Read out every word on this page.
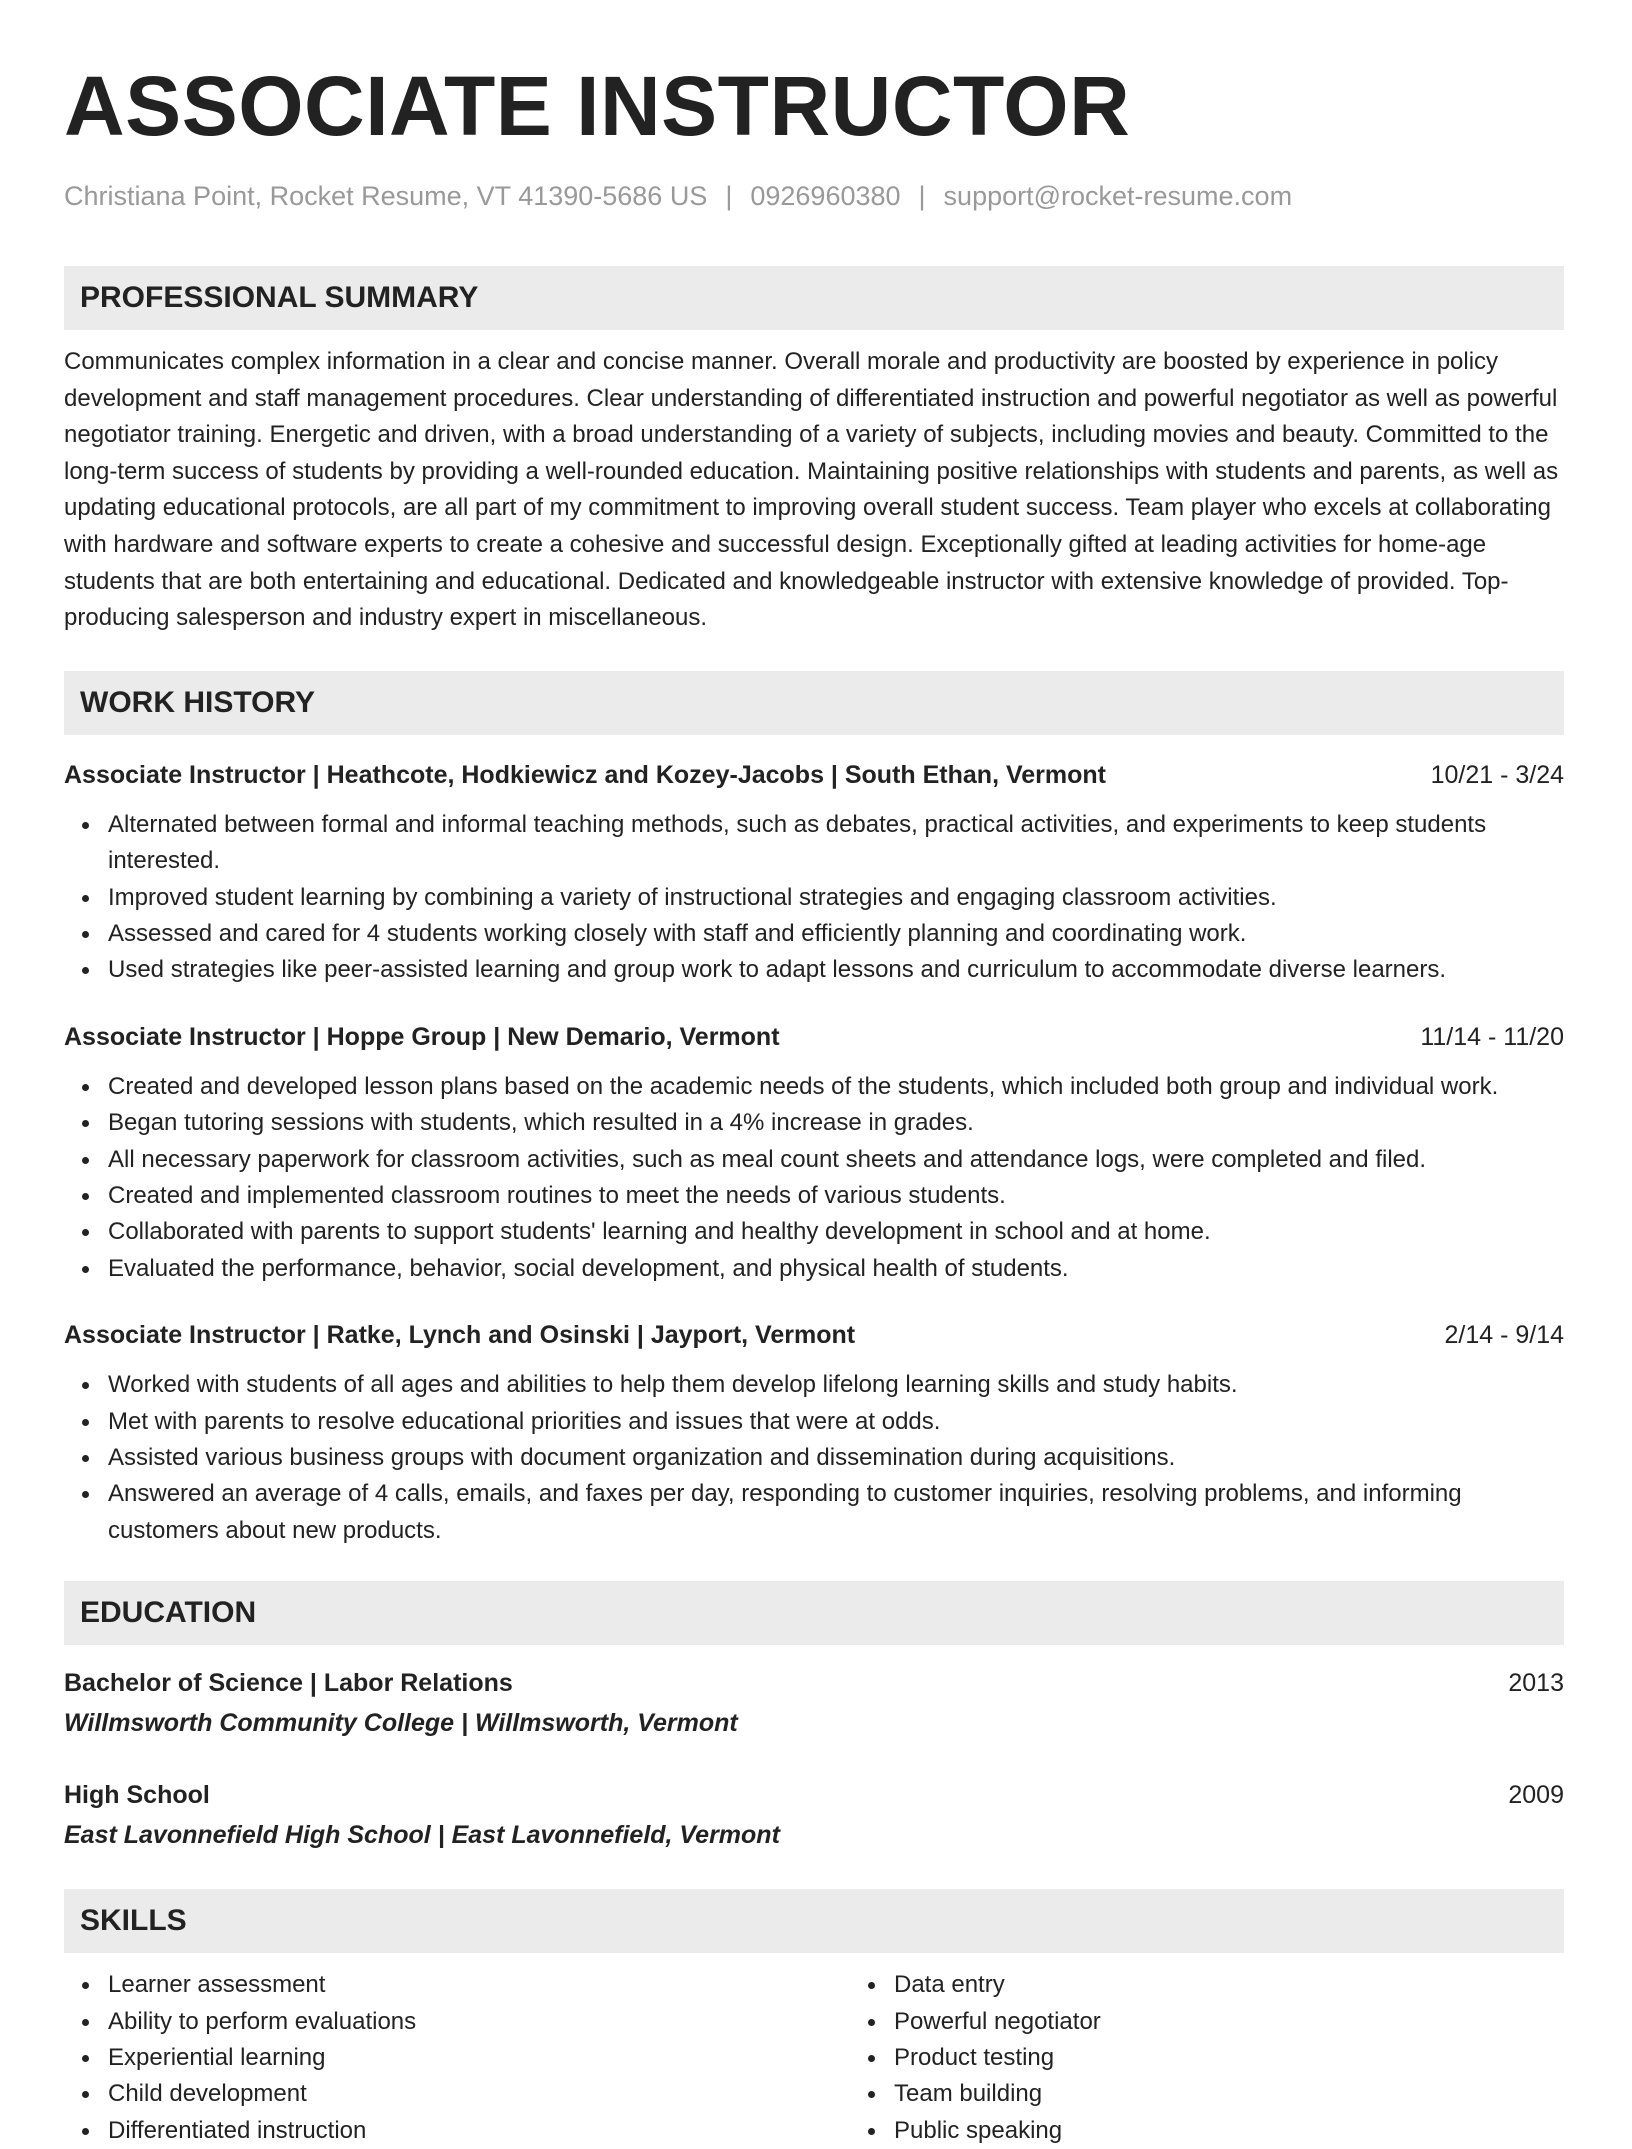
ASSOCIATE INSTRUCTOR
Christiana Point, Rocket Resume, VT 41390-5686 US | 0926960380 | support@rocket-resume.com
PROFESSIONAL SUMMARY

Communicates complex information in a clear and concise manner. Overall morale and productivity are boosted by experience in policy development and staff management procedures. Clear understanding of differentiated instruction and powerful negotiator as well as powerful negotiator training. Energetic and driven, with a broad understanding of a variety of subjects, including movies and beauty. Committed to the long-term success of students by providing a well-rounded education. Maintaining positive relationships with students and parents, as well as updating educational protocols, are all part of my commitment to improving overall student success. Team player who excels at collaborating with hardware and software experts to create a cohesive and successful design. Exceptionally gifted at leading activities for home-age students that are both entertaining and educational. Dedicated and knowledgeable instructor with extensive knowledge of provided. Top-producing salesperson and industry expert in miscellaneous.

WORK HISTORY
Associate Instructor | Heathcote, Hodkiewicz and Kozey-Jacobs | South Ethan, Vermont	10/21 - 3/24
Alternated between formal and informal teaching methods, such as debates, practical activities, and experiments to keep students interested.
Improved student learning by combining a variety of instructional strategies and engaging classroom activities.
Assessed and cared for 4 students working closely with staff and efficiently planning and coordinating work.
Used strategies like peer-assisted learning and group work to adapt lessons and curriculum to accommodate diverse learners.
Associate Instructor | Hoppe Group | New Demario, Vermont	11/14 - 11/20
Created and developed lesson plans based on the academic needs of the students, which included both group and individual work.
Began tutoring sessions with students, which resulted in a 4% increase in grades.
All necessary paperwork for classroom activities, such as meal count sheets and attendance logs, were completed and filed.
Created and implemented classroom routines to meet the needs of various students.
Collaborated with parents to support students' learning and healthy development in school and at home.
Evaluated the performance, behavior, social development, and physical health of students.
Associate Instructor | Ratke, Lynch and Osinski | Jayport, Vermont	2/14 - 9/14
Worked with students of all ages and abilities to help them develop lifelong learning skills and study habits.
Met with parents to resolve educational priorities and issues that were at odds.
Assisted various business groups with document organization and dissemination during acquisitions.
Answered an average of 4 calls, emails, and faxes per day, responding to customer inquiries, resolving problems, and informing customers about new products.
EDUCATION
Bachelor of Science | Labor Relations	2013
Willmsworth Community College | Willmsworth, Vermont
High School	2009
East Lavonnefield High School | East Lavonnefield, Vermont
SKILLS
Learner assessment
Ability to perform evaluations
Experiential learning
Child development
Differentiated instruction
Data entry
Powerful negotiator
Product testing
Team building
Public speaking
